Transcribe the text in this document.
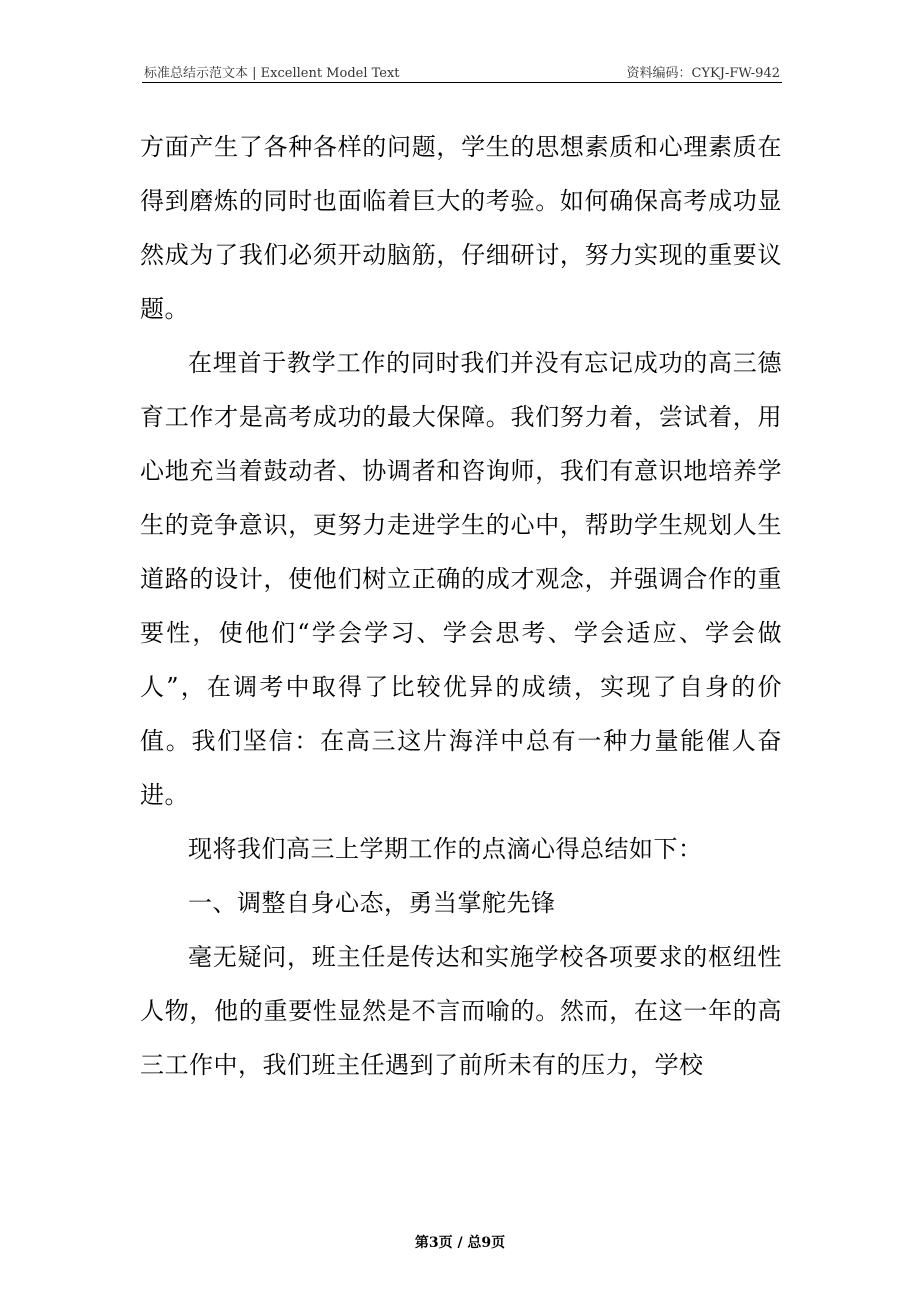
标准总结示范文本 | Excellent Model Text	资料编码：CYKJ-FW-942

方面产生了各种各样的问题，学生的思想素质和心理素质在得到磨炼的同时也面临着巨大的考验。如何确保高考成功显然成为了我们必须开动脑筋，仔细研讨，努力实现的重要议题。

在埋首于教学工作的同时我们并没有忘记成功的高三德育工作才是高考成功的最大保障。我们努力着，尝试着，用心地充当着鼓动者、协调者和咨询师，我们有意识地培养学生的竞争意识，更努力走进学生的心中，帮助学生规划人生道路的设计，使他们树立正确的成才观念，并强调合作的重要性，使他们“学会学习、学会思考、学会适应、学会做人”，在调考中取得了比较优异的成绩，实现了自身的价值。我们坚信：在高三这片海洋中总有一种力量能催人奋进。

现将我们高三上学期工作的点滴心得总结如下：

一、调整自身心态，勇当掌舵先锋

毫无疑问，班主任是传达和实施学校各项要求的枢纽性人物，他的重要性显然是不言而喻的。然而，在这一年的高三工作中，我们班主任遇到了前所未有的压力，学校

第3页 / 总9页
